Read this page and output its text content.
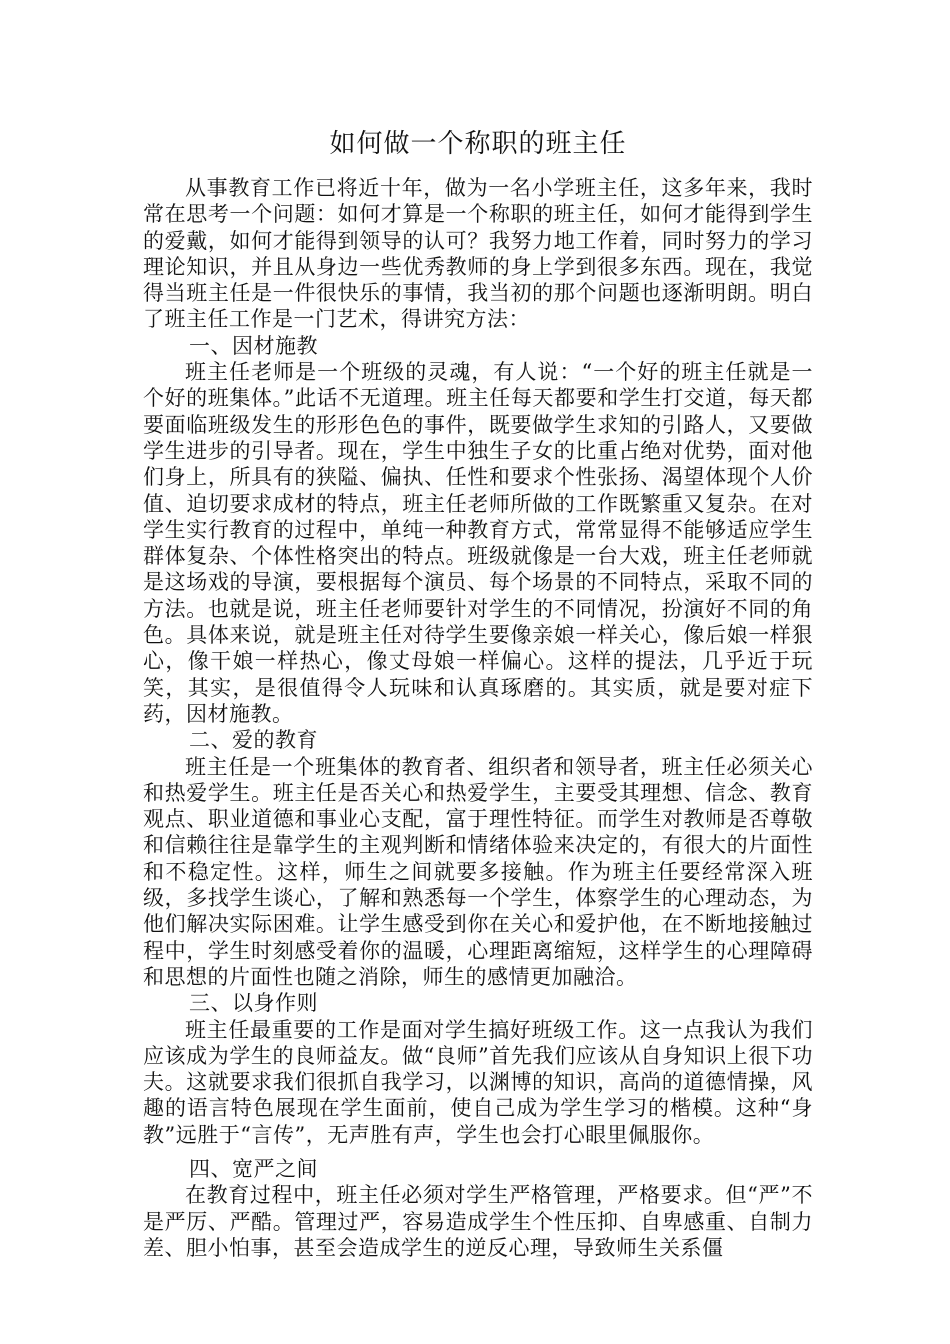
如何做一个称职的班主任

从事教育工作已将近十年，做为一名小学班主任，这多年来，我时常在思考一个问题：如何才算是一个称职的班主任，如何才能得到学生的爱戴，如何才能得到领导的认可？我努力地工作着，同时努力的学习理论知识，并且从身边一些优秀教师的身上学到很多东西。现在，我觉得当班主任是一件很快乐的事情，我当初的那个问题也逐渐明朗。明白了班主任工作是一门艺术，得讲究方法：

一、因材施教

班主任老师是一个班级的灵魂，有人说：“一个好的班主任就是一个好的班集体。”此话不无道理。班主任每天都要和学生打交道，每天都要面临班级发生的形形色色的事件，既要做学生求知的引路人，又要做学生进步的引导者。现在，学生中独生子女的比重占绝对优势，面对他们身上，所具有的狭隘、偏执、任性和要求个性张扬、渴望体现个人价值、迫切要求成材的特点，班主任老师所做的工作既繁重又复杂。在对学生实行教育的过程中，单纯一种教育方式，常常显得不能够适应学生群体复杂、个体性格突出的特点。班级就像是一台大戏，班主任老师就是这场戏的导演，要根据每个演员、每个场景的不同特点，采取不同的方法。也就是说，班主任老师要针对学生的不同情况，扮演好不同的角色。具体来说，就是班主任对待学生要像亲娘一样关心，像后娘一样狠心，像干娘一样热心，像丈母娘一样偏心。这样的提法，几乎近于玩笑，其实，是很值得令人玩味和认真琢磨的。其实质，就是要对症下药，因材施教。

二、爱的教育

班主任是一个班集体的教育者、组织者和领导者，班主任必须关心和热爱学生。班主任是否关心和热爱学生，主要受其理想、信念、教育观点、职业道德和事业心支配，富于理性特征。而学生对教师是否尊敬和信赖往往是靠学生的主观判断和情绪体验来决定的，有很大的片面性和不稳定性。这样，师生之间就要多接触。作为班主任要经常深入班级，多找学生谈心，了解和熟悉每一个学生，体察学生的心理动态，为他们解决实际困难。让学生感受到你在关心和爱护他，在不断地接触过程中，学生时刻感受着你的温暖，心理距离缩短，这样学生的心理障碍和思想的片面性也随之消除，师生的感情更加融洽。

三、以身作则

班主任最重要的工作是面对学生搞好班级工作。这一点我认为我们应该成为学生的良师益友。做“良师”首先我们应该从自身知识上很下功夫。这就要求我们很抓自我学习，以渊博的知识，高尚的道德情操，风趣的语言特色展现在学生面前，使自己成为学生学习的楷模。这种“身教”远胜于“言传”，无声胜有声，学生也会打心眼里佩服你。

四、宽严之间

在教育过程中，班主任必须对学生严格管理，严格要求。但“严”不是严厉、严酷。管理过严，容易造成学生个性压抑、自卑感重、自制力差、胆小怕事，甚至会造成学生的逆反心理，导致师生关系僵
